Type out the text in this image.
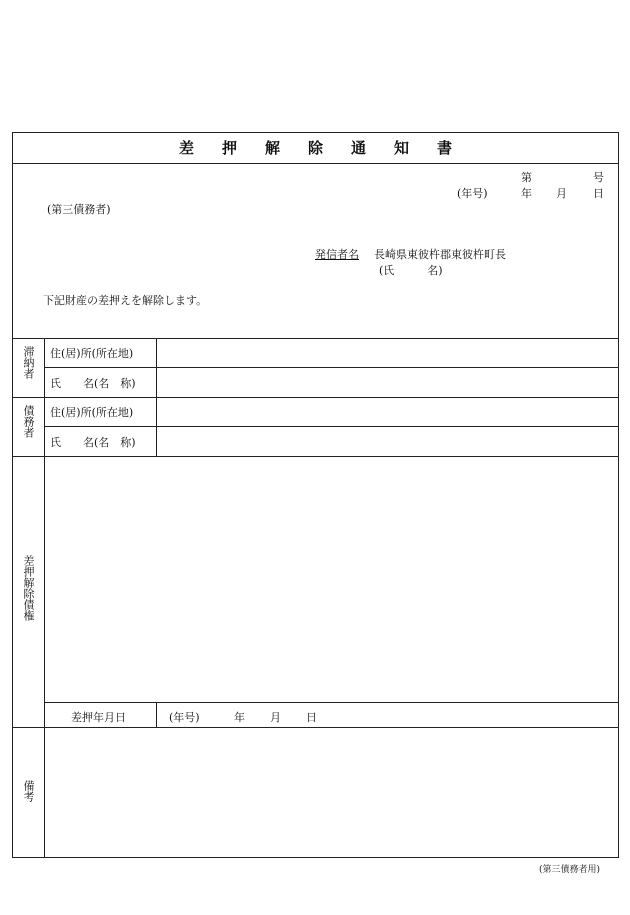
差押解除通知書
第	号
(年号)	年 月 日
(第三債務者)
発信者名 長崎県東彼杵郡東彼杵町長
(氏　　　名)
下記財産の差押えを解除します。
滞納者 住(居)所(所在地)
氏　　名(名　称)
債務者 住(居)所(所在地)
氏　　名(名　称)
差押解除債権
差押年月日	(年号)	年 月 日
備考
(第三債務者用)
